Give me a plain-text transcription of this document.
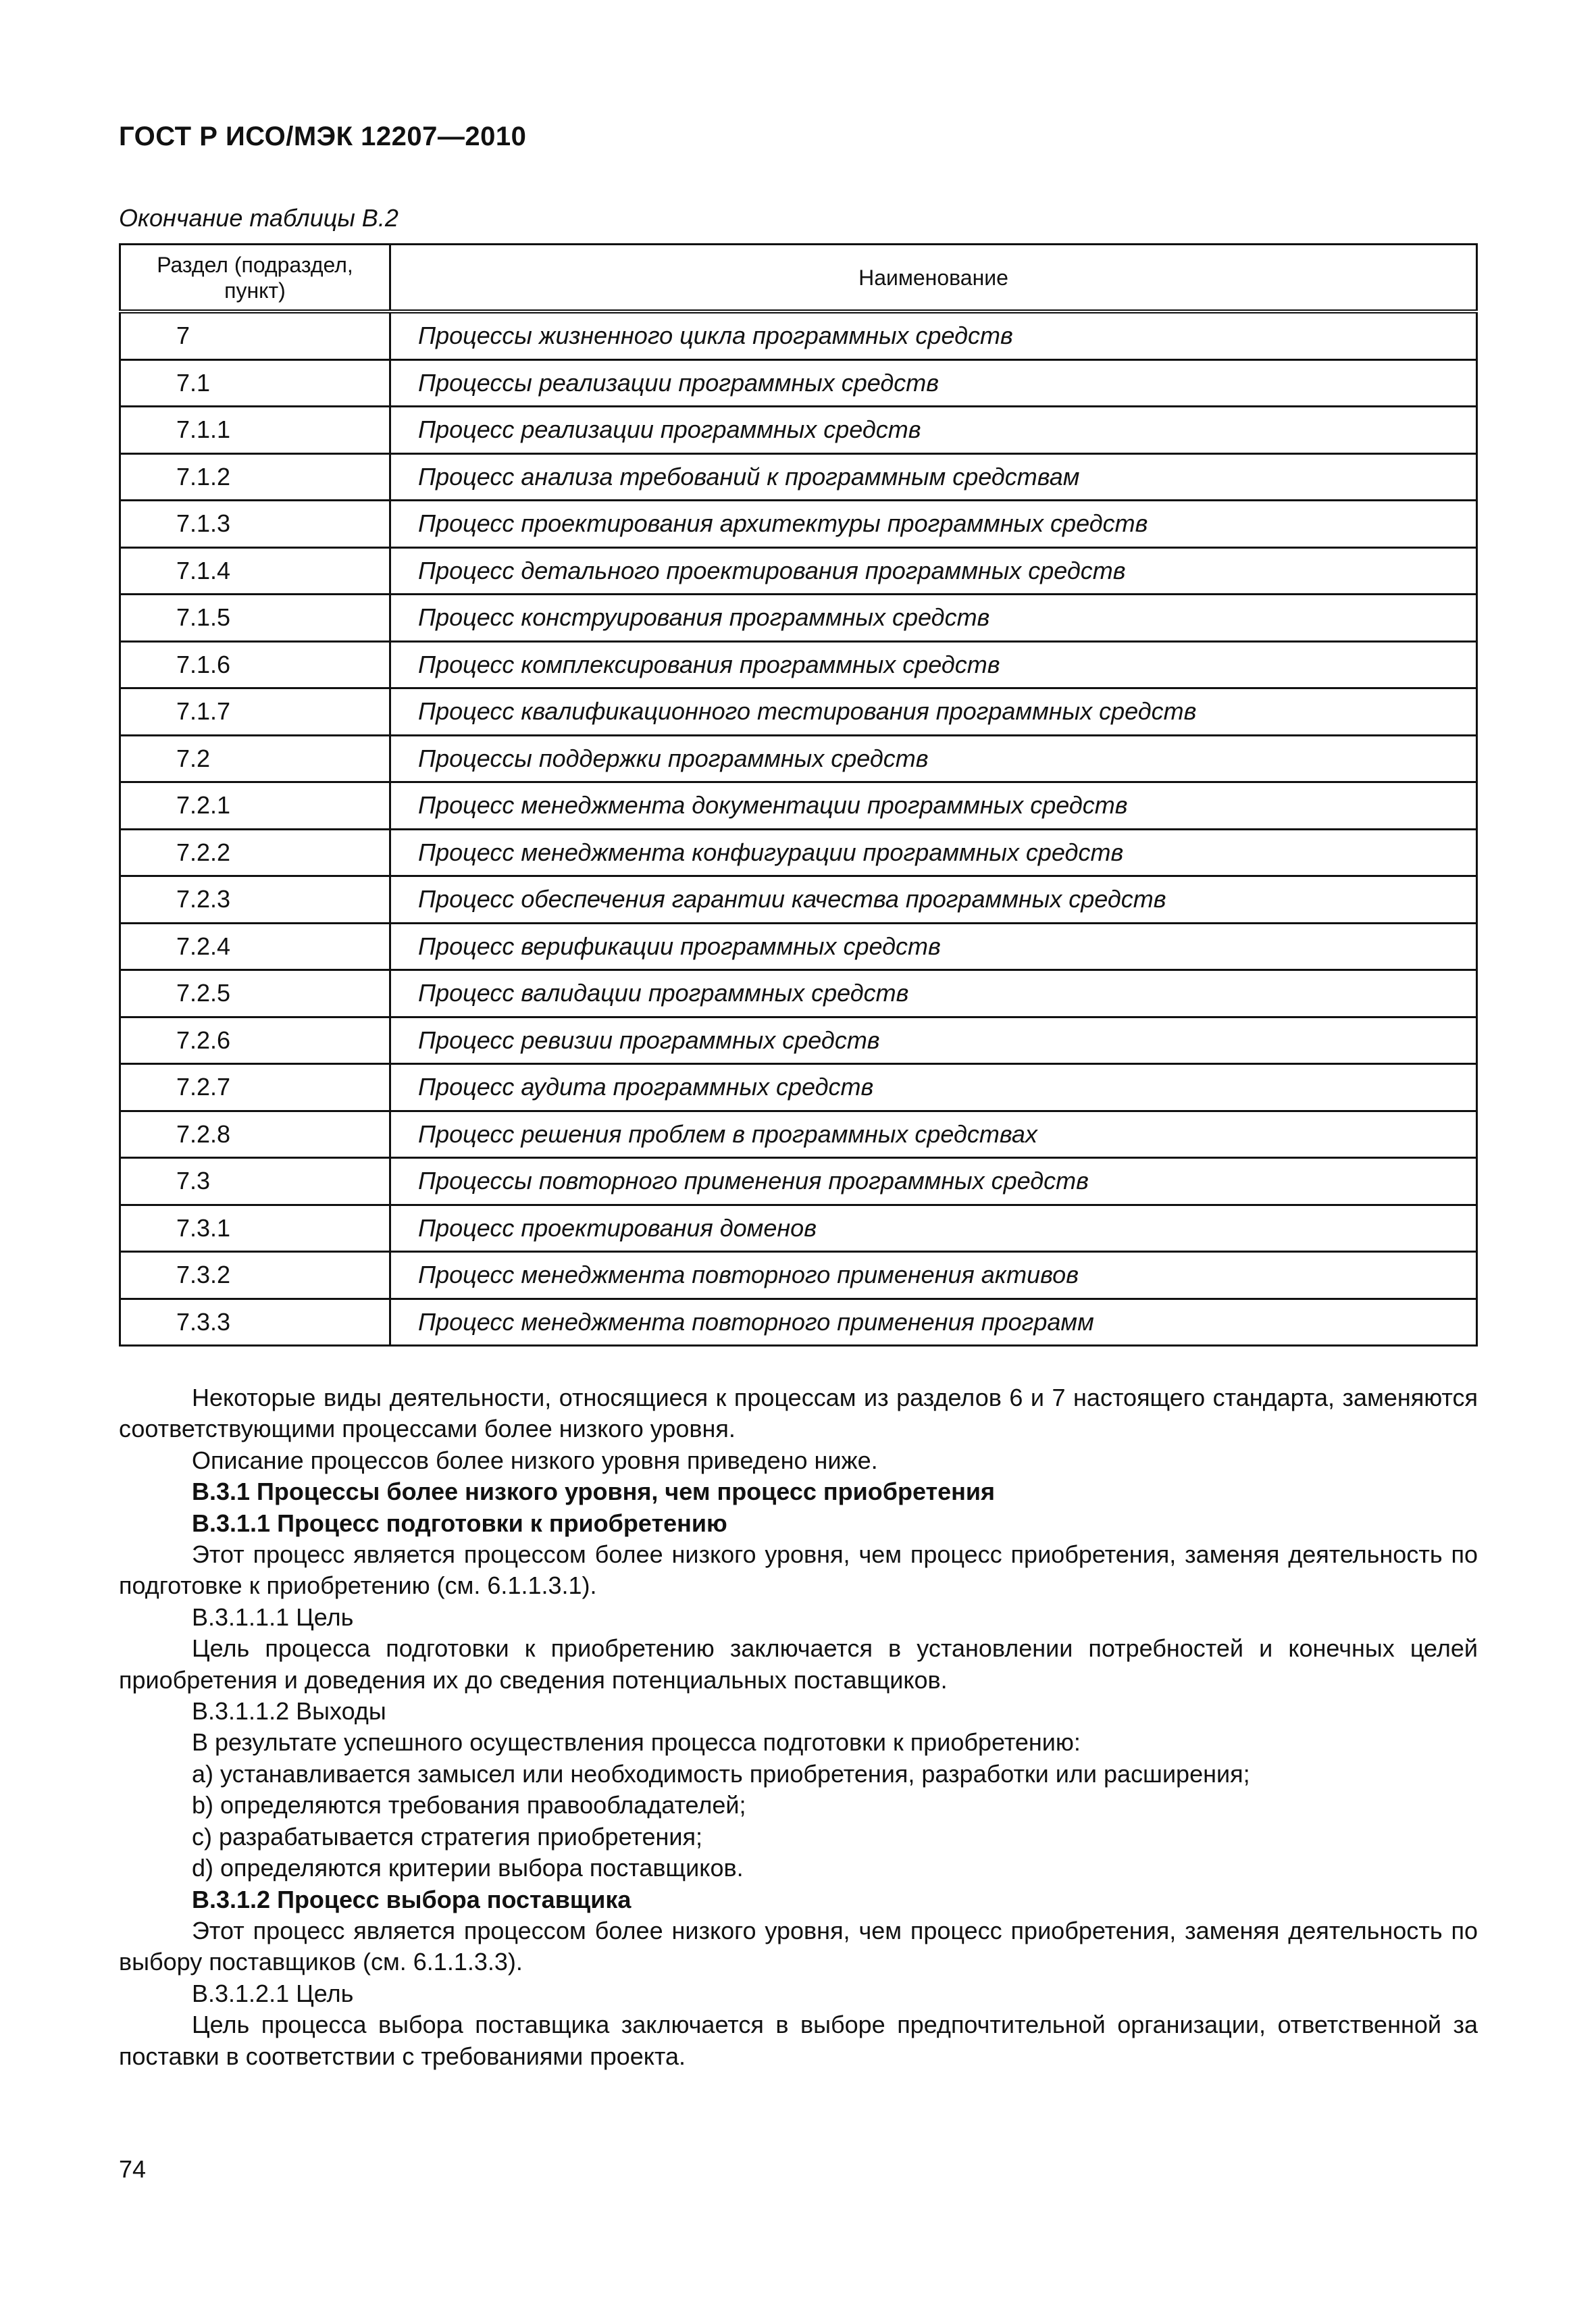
ГОСТ Р ИСО/МЭК 12207—2010
Окончание таблицы В.2
Раздел (подраздел, пункт)	Наименование
7	Процессы жизненного цикла программных средств
7.1	Процессы реализации программных средств
7.1.1	Процесс реализации программных средств
7.1.2	Процесс анализа требований к программным средствам
7.1.3	Процесс проектирования архитектуры программных средств
7.1.4	Процесс детального проектирования программных средств
7.1.5	Процесс конструирования программных средств
7.1.6	Процесс комплексирования программных средств
7.1.7	Процесс квалификационного тестирования программных средств
7.2	Процессы поддержки программных средств
7.2.1	Процесс менеджмента документации программных средств
7.2.2	Процесс менеджмента конфигурации программных средств
7.2.3	Процесс обеспечения гарантии качества программных средств
7.2.4	Процесс верификации программных средств
7.2.5	Процесс валидации программных средств
7.2.6	Процесс ревизии программных средств
7.2.7	Процесс аудита программных средств
7.2.8	Процесс решения проблем в программных средствах
7.3	Процессы повторного применения программных средств
7.3.1	Процесс проектирования доменов
7.3.2	Процесс менеджмента повторного применения активов
7.3.3	Процесс менеджмента повторного применения программ

Некоторые виды деятельности, относящиеся к процессам из разделов 6 и 7 настоящего стандарта, заменяются соответствующими процессами более низкого уровня.

Описание процессов более низкого уровня приведено ниже.

В.3.1 Процессы более низкого уровня, чем процесс приобретения

В.3.1.1 Процесс подготовки к приобретению

Этот процесс является процессом более низкого уровня, чем процесс приобретения, заменяя деятельность по подготовке к приобретению (см. 6.1.1.3.1).

В.3.1.1.1 Цель

Цель процесса подготовки к приобретению заключается в установлении потребностей и конечных целей приобретения и доведения их до сведения потенциальных поставщиков.

В.3.1.1.2 Выходы

В результате успешного осуществления процесса подготовки к приобретению:

a) устанавливается замысел или необходимость приобретения, разработки или расширения;

b) определяются требования правообладателей;

c) разрабатывается стратегия приобретения;

d) определяются критерии выбора поставщиков.

В.3.1.2 Процесс выбора поставщика

Этот процесс является процессом более низкого уровня, чем процесс приобретения, заменяя деятельность по выбору поставщиков (см. 6.1.1.3.3).

В.3.1.2.1 Цель

Цель процесса выбора поставщика заключается в выборе предпочтительной организации, ответственной за поставки в соответствии с требованиями проекта.

74
